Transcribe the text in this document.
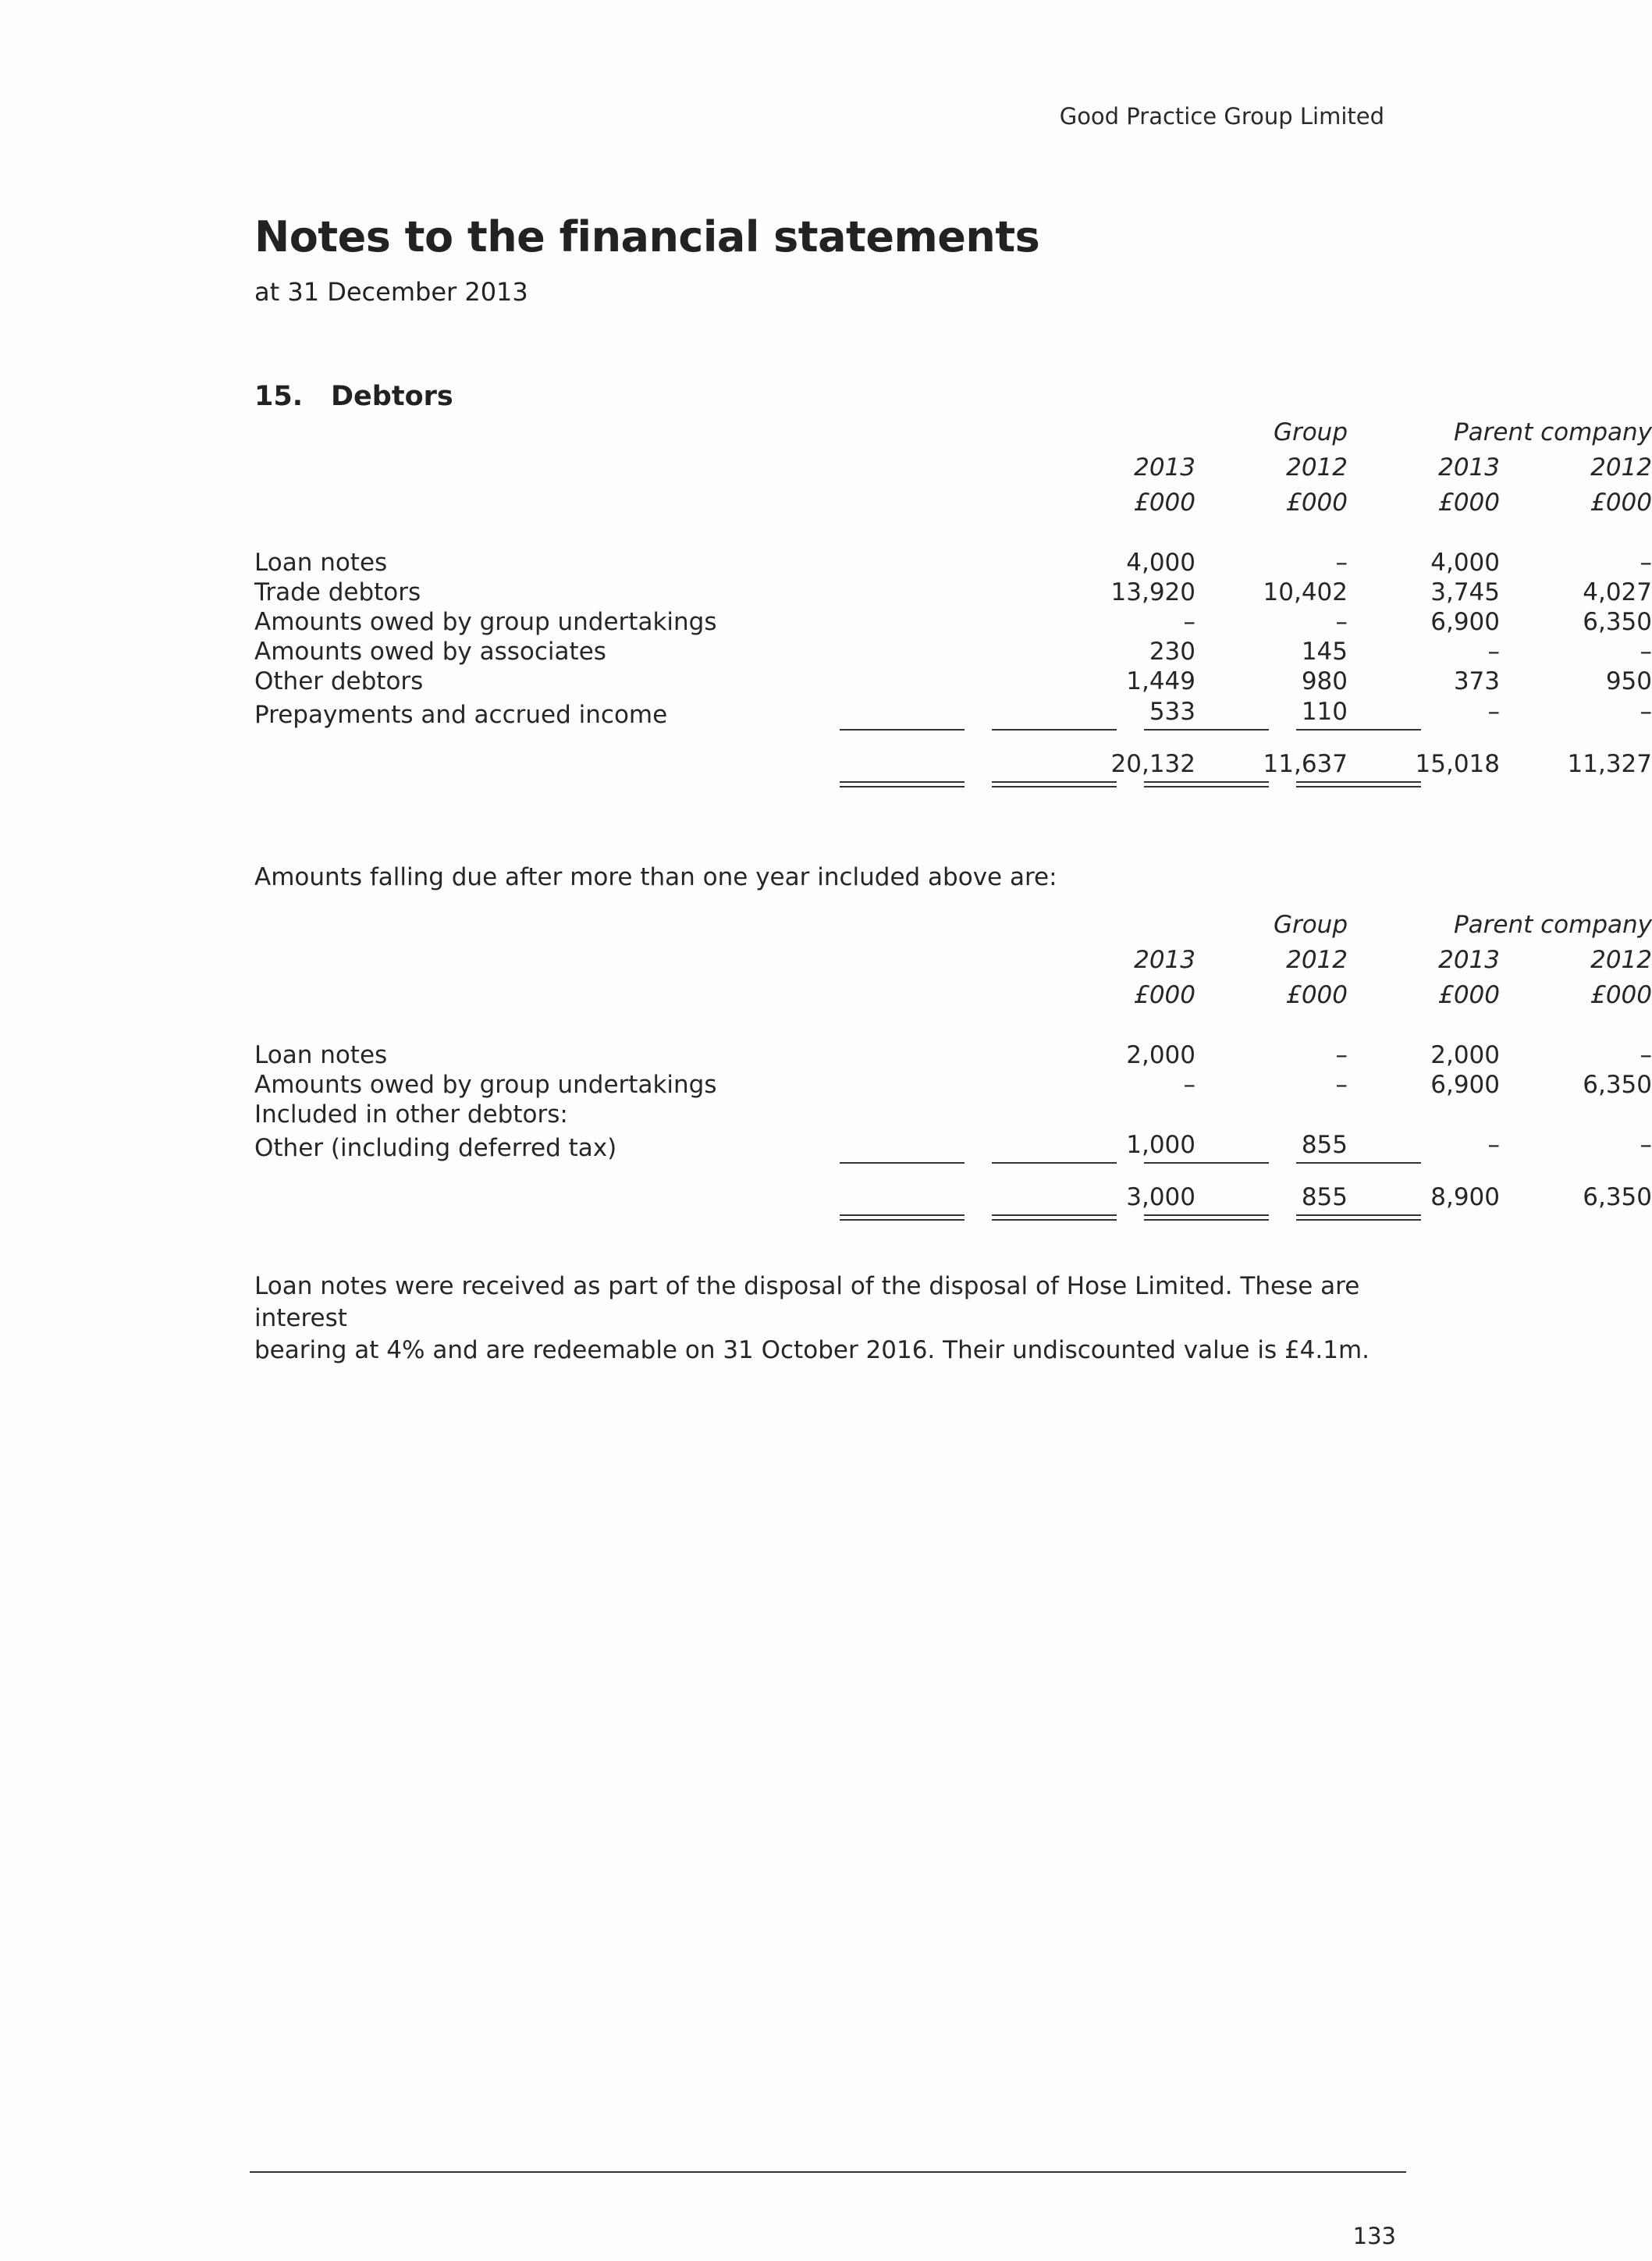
Good Practice Group Limited
Notes to the financial statements
at 31 December 2013
15. Debtors
Group	Parent company
2013	2012	2013	2012
£000	£000	£000	£000
Loan notes	4,000	–	4,000	–
Trade debtors	13,920	10,402	3,745	4,027
Amounts owed by group undertakings	–	–	6,900	6,350
Amounts owed by associates	230	145	–	–
Other debtors	1,449	980	373	950
Prepayments and accrued income	533	110	–	–
20,132	11,637	15,018	11,327
Amounts falling due after more than one year included above are:
Group	Parent company
2013	2012	2013	2012
£000	£000	£000	£000
Loan notes	2,000	–	2,000	–
Amounts owed by group undertakings	–	–	6,900	6,350
Included in other debtors:
Other (including deferred tax)	1,000	855	–	–
3,000	855	8,900	6,350
Loan notes were received as part of the disposal of the disposal of Hose Limited. These are interest
bearing at 4% and are redeemable on 31 October 2016. Their undiscounted value is £4.1m.
133
